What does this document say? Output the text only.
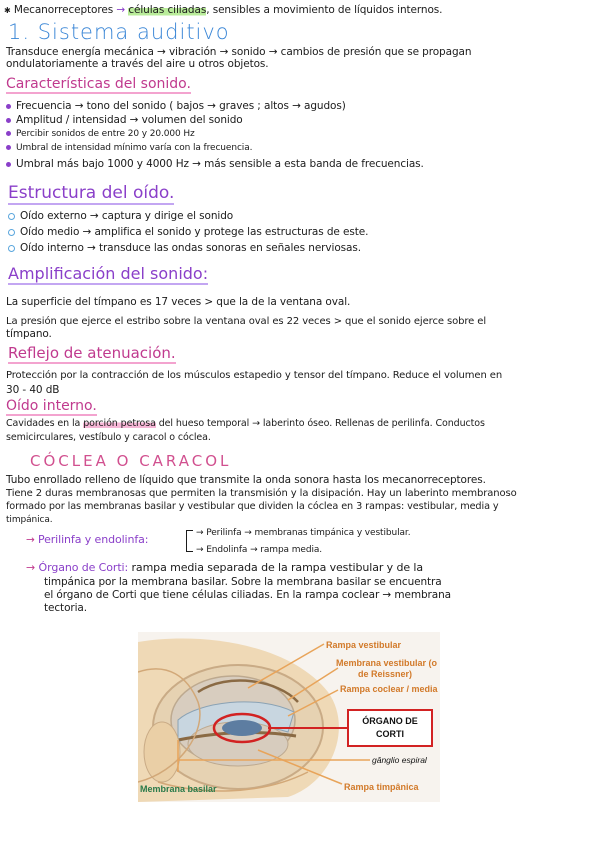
✱ Mecanorreceptores → células ciliadas, sensibles a movimiento de líquidos internos.
1. Sistema auditivo
Transduce energía mecánica → vibración → sonido → cambios de presión que se propagan
ondulatoriamente a través del aire u otros objetos.
Características del sonido.
Frecuencia → tono del sonido ( bajos → graves ; altos → agudos)
Amplitud / intensidad → volumen del sonido
Percibir sonidos de entre 20 y 20.000 Hz
Umbral de intensidad mínimo varía con la frecuencia.
Umbral más bajo 1000 y 4000 Hz → más sensible a esta banda de frecuencias.
Estructura del oído.
Oído externo → captura y dirige el sonido
Oído medio → amplifica el sonido y protege las estructuras de este.
Oído interno → transduce las ondas sonoras en señales nerviosas.
Amplificación del sonido:
La superficie del tímpano es 17 veces > que la de la ventana oval.
La presión que ejerce el estribo sobre la ventana oval es 22 veces > que el sonido ejerce sobre el
tímpano.
Reflejo de atenuación.
Protección por la contracción de los músculos estapedio y tensor del tímpano. Reduce el volumen en
30 - 40 dB
Oído interno.
Cavidades en la porción petrosa del hueso temporal → laberinto óseo. Rellenas de perilinfa. Conductos
semicirculares, vestíbulo y caracol o cóclea.
CÓCLEA O CARACOL
Tubo enrollado relleno de líquido que transmite la onda sonora hasta los mecanorreceptores.
Tiene 2 duras membranosas que permiten la transmisión y la disipación. Hay un laberinto membranoso
formado por las membranas basilar y vestibular que dividen la cóclea en 3 rampas: vestibular, media y
timpánica.
→ Perilinfa y endolinfa:	→ Perilinfa → membranas timpánica y vestibular.
→ Endolinfa → rampa media.
→ Órgano de Corti: rampa media separada de la rampa vestibular y de la
timpánica por la membrana basilar. Sobre la membrana basilar se encuentra
el órgano de Corti que tiene células ciliadas. En la rampa coclear → membrana
tectoria.
Rampa vestibular
Membrana vestibular (o
de Reissner)
Rampa coclear / media
ÓRGANO DE
CORTI
gânglio espiral
Membrana basilar	Rampa timpânica
